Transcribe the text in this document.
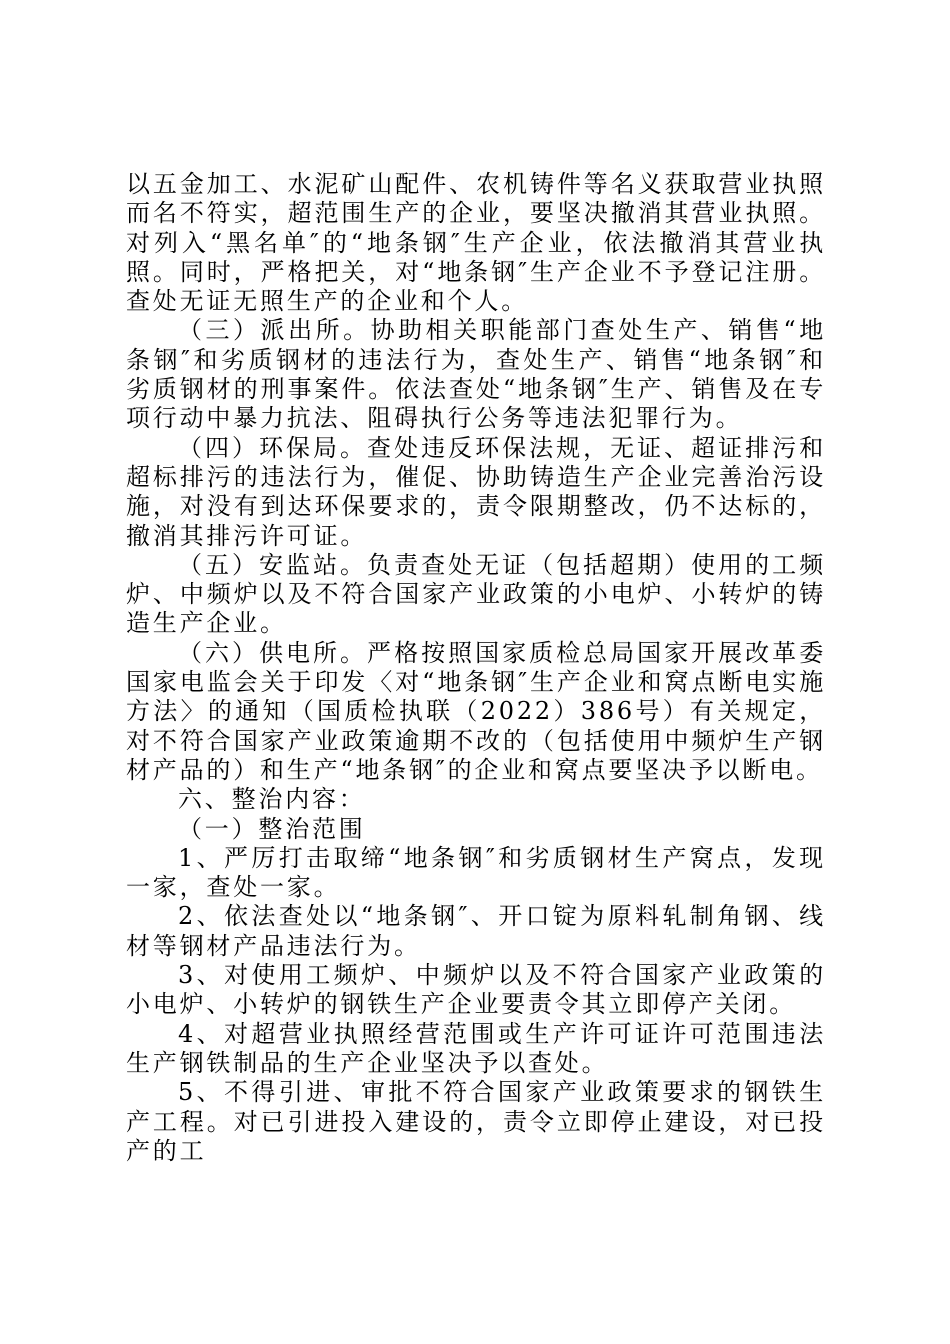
以五金加工、水泥矿山配件、农机铸件等名义获取营业执照而名不符实，超范围生产的企业，要坚决撤消其营业执照。对列入“黑名单″的“地条钢″生产企业，依法撤消其营业执照。同时，严格把关，对“地条钢″生产企业不予登记注册。查处无证无照生产的企业和个人。

（三）派出所。协助相关职能部门查处生产、销售“地条钢″和劣质钢材的违法行为，查处生产、销售“地条钢″和劣质钢材的刑事案件。依法查处“地条钢″生产、销售及在专项行动中暴力抗法、阻碍执行公务等违法犯罪行为。

（四）环保局。查处违反环保法规，无证、超证排污和超标排污的违法行为，催促、协助铸造生产企业完善治污设施，对没有到达环保要求的，责令限期整改，仍不达标的，撤消其排污许可证。

（五）安监站。负责查处无证（包括超期）使用的工频炉、中频炉以及不符合国家产业政策的小电炉、小转炉的铸造生产企业。

（六）供电所。严格按照国家质检总局国家开展改革委国家电监会关于印发〈对“地条钢″生产企业和窝点断电实施方法〉的通知（国质检执联（2022）386号）有关规定，对不符合国家产业政策逾期不改的（包括使用中频炉生产钢材产品的）和生产“地条钢″的企业和窝点要坚决予以断电。

六、整治内容：

（一）整治范围

1、严厉打击取缔“地条钢″和劣质钢材生产窝点，发现一家，查处一家。

2、依法查处以“地条钢″、开口锭为原料轧制角钢、线材等钢材产品违法行为。

3、对使用工频炉、中频炉以及不符合国家产业政策的小电炉、小转炉的钢铁生产企业要责令其立即停产关闭。

4、对超营业执照经营范围或生产许可证许可范围违法生产钢铁制品的生产企业坚决予以查处。

5、不得引进、审批不符合国家产业政策要求的钢铁生产工程。对已引进投入建设的，责令立即停止建设，对已投产的工
